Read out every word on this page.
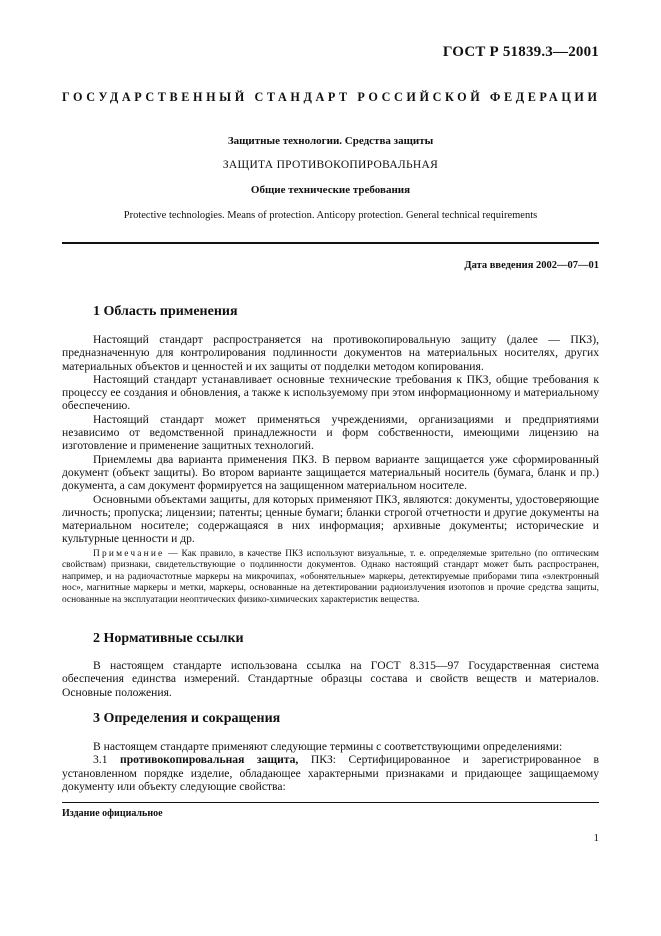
ГОСТ Р 51839.3—2001
ГОСУДАРСТВЕННЫЙ СТАНДАРТ РОССИЙСКОЙ ФЕДЕРАЦИИ
Защитные технологии. Средства защиты
ЗАЩИТА ПРОТИВОКОПИРОВАЛЬНАЯ
Общие технические требования
Protective technologies. Means of protection. Anticopy protection. General technical requirements
Дата введения 2002—07—01
1 Область применения

Настоящий стандарт распространяется на противокопировальную защиту (далее — ПКЗ), предназначенную для контролирования подлинности документов на материальных носителях, других материальных объектов и ценностей и их защиты от подделки методом копирования.

Настоящий стандарт устанавливает основные технические требования к ПКЗ, общие требования к процессу ее создания и обновления, а также к используемому при этом информационному и материальному обеспечению.

Настоящий стандарт может применяться учреждениями, организациями и предприятиями независимо от ведомственной принадлежности и форм собственности, имеющими лицензию на изготовление и применение защитных технологий.

Приемлемы два варианта применения ПКЗ. В первом варианте защищается уже сформированный документ (объект защиты). Во втором варианте защищается материальный носитель (бумага, бланк и пр.) документа, а сам документ формируется на защищенном материальном носителе.

Основными объектами защиты, для которых применяют ПКЗ, являются: документы, удостоверяющие личность; пропуска; лицензии; патенты; ценные бумаги; бланки строгой отчетности и другие документы на материальном носителе; содержащаяся в них информация; архивные документы; исторические и культурные ценности и др.

Примечание — Как правило, в качестве ПКЗ используют визуальные, т. е. определяемые зрительно (по оптическим свойствам) признаки, свидетельствующие о подлинности документов. Однако настоящий стандарт может быть распространен, например, и на радиочастотные маркеры на микрочипах, «обонятельные» маркеры, детектируемые приборами типа «электронный нос», магнитные маркеры и метки, маркеры, основанные на детектировании радиоизлучения изотопов и прочие средства защиты, основанные на эксплуатации неоптических физико-химических характеристик вещества.

2 Нормативные ссылки

В настоящем стандарте использована ссылка на ГОСТ 8.315—97 Государственная система обеспечения единства измерений. Стандартные образцы состава и свойств веществ и материалов. Основные положения.

3 Определения и сокращения

В настоящем стандарте применяют следующие термины с соответствующими определениями:

3.1 противокопировальная защита, ПКЗ: Сертифицированное и зарегистрированное в установленном порядке изделие, обладающее характерными признаками и придающее защищаемому документу или объекту следующие свойства:

Издание официальное
1
